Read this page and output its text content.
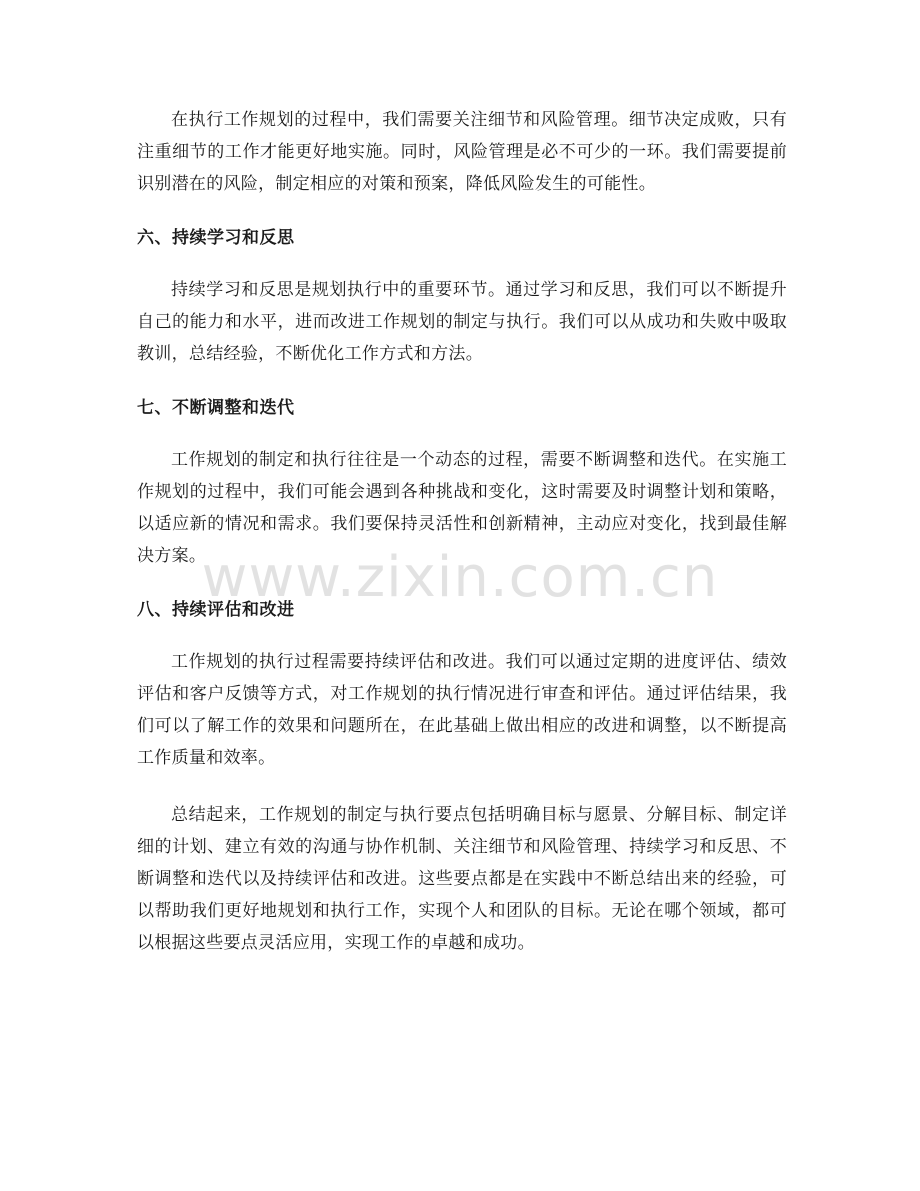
在执行工作规划的过程中，我们需要关注细节和风险管理。细节决定成败，只有注重细节的工作才能更好地实施。同时，风险管理是必不可少的一环。我们需要提前识别潜在的风险，制定相应的对策和预案，降低风险发生的可能性。

六、持续学习和反思

持续学习和反思是规划执行中的重要环节。通过学习和反思，我们可以不断提升自己的能力和水平，进而改进工作规划的制定与执行。我们可以从成功和失败中吸取教训，总结经验，不断优化工作方式和方法。

七、不断调整和迭代

工作规划的制定和执行往往是一个动态的过程，需要不断调整和迭代。在实施工作规划的过程中，我们可能会遇到各种挑战和变化，这时需要及时调整计划和策略，以适应新的情况和需求。我们要保持灵活性和创新精神，主动应对变化，找到最佳解决方案。

八、持续评估和改进

工作规划的执行过程需要持续评估和改进。我们可以通过定期的进度评估、绩效评估和客户反馈等方式，对工作规划的执行情况进行审查和评估。通过评估结果，我们可以了解工作的效果和问题所在，在此基础上做出相应的改进和调整，以不断提高工作质量和效率。

总结起来，工作规划的制定与执行要点包括明确目标与愿景、分解目标、制定详细的计划、建立有效的沟通与协作机制、关注细节和风险管理、持续学习和反思、不断调整和迭代以及持续评估和改进。这些要点都是在实践中不断总结出来的经验，可以帮助我们更好地规划和执行工作，实现个人和团队的目标。无论在哪个领域，都可以根据这些要点灵活应用，实现工作的卓越和成功。

www.zixin.com.cn
